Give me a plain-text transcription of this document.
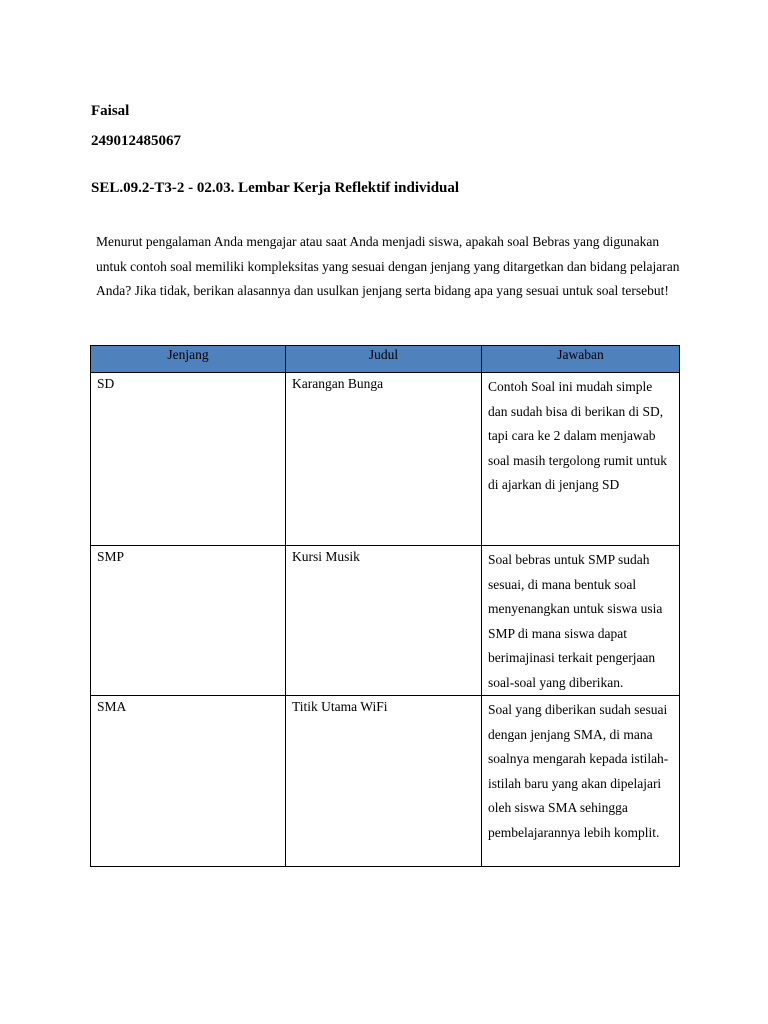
Faisal
249012485067
SEL.09.2-T3-2 - 02.03. Lembar Kerja Reflektif individual
Menurut pengalaman Anda mengajar atau saat Anda menjadi siswa, apakah soal Bebras yang digunakan untuk contoh soal memiliki kompleksitas yang sesuai dengan jenjang yang ditargetkan dan bidang pelajaran Anda? Jika tidak, berikan alasannya dan usulkan jenjang serta bidang apa yang sesuai untuk soal tersebut!
Jenjang	Judul	Jawaban
SD	Karangan Bunga	Contoh Soal ini mudah simple dan sudah bisa di berikan di SD, tapi cara ke 2 dalam menjawab soal masih tergolong rumit untuk di ajarkan di jenjang SD
SMP	Kursi Musik	Soal bebras untuk SMP sudah sesuai, di mana bentuk soal menyenangkan untuk siswa usia SMP di mana siswa dapat berimajinasi terkait pengerjaan soal-soal yang diberikan.
SMA	Titik Utama WiFi	Soal yang diberikan sudah sesuai dengan jenjang SMA, di mana soalnya mengarah kepada istilah-istilah baru yang akan dipelajari oleh siswa SMA sehingga pembelajarannya lebih komplit.
